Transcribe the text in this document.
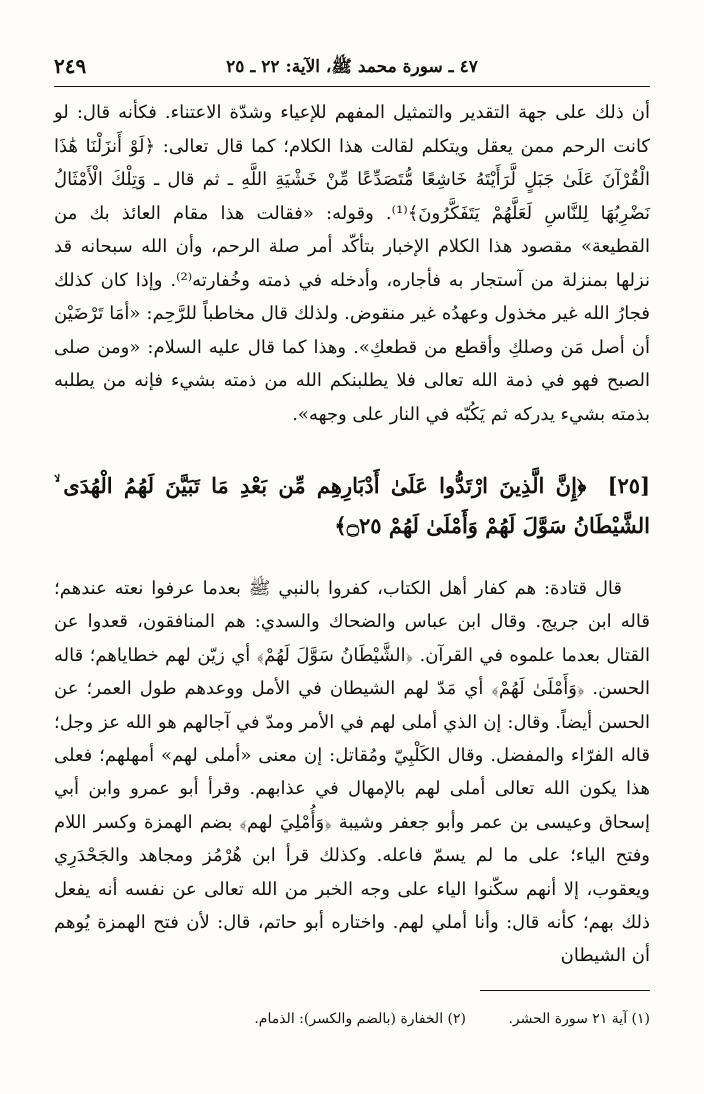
٤٧ ـ سورة محمد ﷺ، الآية: ٢٢ ـ ٢٥
٢٤٩

أن ذلك على جهة التقدير والتمثيل المفهم للإعياء وشدّة الاعتناء. فكأنه قال: لو كانت الرحم ممن يعقل ويتكلم لقالت هذا الكلام؛ كما قال تعالى: ﴿لَوْ أَنزَلْنَا هَٰذَا الْقُرْآنَ عَلَىٰ جَبَلٍ لَّرَأَيْتَهُ خَاشِعًا مُّتَصَدِّعًا مِّنْ خَشْيَةِ اللَّهِ ـ ثم قال ـ وَتِلْكَ الْأَمْثَالُ نَضْرِبُهَا لِلنَّاسِ لَعَلَّهُمْ يَتَفَكَّرُونَ﴾⁽¹⁾. وقوله: «فقالت هذا مقام العائذ بك من القطيعة» مقصود هذا الكلام الإخبار بتأكّد أمر صلة الرحم، وأن الله سبحانه قد نزلها بمنزلة من آستجار به فأجاره، وأدخله في ذمته وخُفارته⁽²⁾. وإذا كان كذلك فجارُ الله غير مخذول وعهدُه غير منقوض. ولذلك قال مخاطباً للرَّحِم: «أمَا تَرْضَيْن أن أصل مَن وصلكِ وأقطع من قطعكِ». وهذا كما قال عليه السلام: «ومن صلى الصبح فهو في ذمة الله تعالى فلا يطلبنكم الله من ذمته بشيء فإنه من يطلبه بذمته بشيء يدركه ثم يَكُبّه في النار على وجهه».

[٢٥] ﴿إِنَّ الَّذِينَ ارْتَدُّوا عَلَىٰ أَدْبَارِهِم مِّن بَعْدِ مَا تَبَيَّنَ لَهُمُ الْهُدَى ۙ الشَّيْطَانُ سَوَّلَ لَهُمْ وَأَمْلَىٰ لَهُمْ ۝٢٥﴾

قال قتادة: هم كفار أهل الكتاب، كفروا بالنبي ﷺ بعدما عرفوا نعته عندهم؛ قاله ابن جريج. وقال ابن عباس والضحاك والسدي: هم المنافقون، قعدوا عن القتال بعدما علموه في القرآن. ﴿الشَّيْطَانُ سَوَّلَ لَهُمْ﴾ أي زيّن لهم خطاياهم؛ قاله الحسن. ﴿وَأَمْلَىٰ لَهُمْ﴾ أي مَدّ لهم الشيطان في الأمل ووعدهم طول العمر؛ عن الحسن أيضاً. وقال: إن الذي أملى لهم في الأمر ومدّ في آجالهم هو الله عز وجل؛ قاله الفرّاء والمفضل. وقال الكَلْبِيّ ومُقاتل: إن معنى «أملى لهم» أمهلهم؛ فعلى هذا يكون الله تعالى أملى لهم بالإمهال في عذابهم. وقرأ أبو عمرو وابن أبي إسحاق وعيسى بن عمر وأبو جعفر وشيبة ﴿وَأُمْلِيَ لهم﴾ بضم الهمزة وكسر اللام وفتح الياء؛ على ما لم يسمّ فاعله. وكذلك قرأ ابن هُرْمُز ومجاهد والجَحْدَرِي ويعقوب، إلا أنهم سكّنوا الياء على وجه الخبر من الله تعالى عن نفسه أنه يفعل ذلك بهم؛ كأنه قال: وأنا أملي لهم. واختاره أبو حاتم، قال: لأن فتح الهمزة يُوهم أن الشيطان

(١) آية ٢١ سورة الحشر. (٢) الخفارة (بالضم والكسر): الذمام.
